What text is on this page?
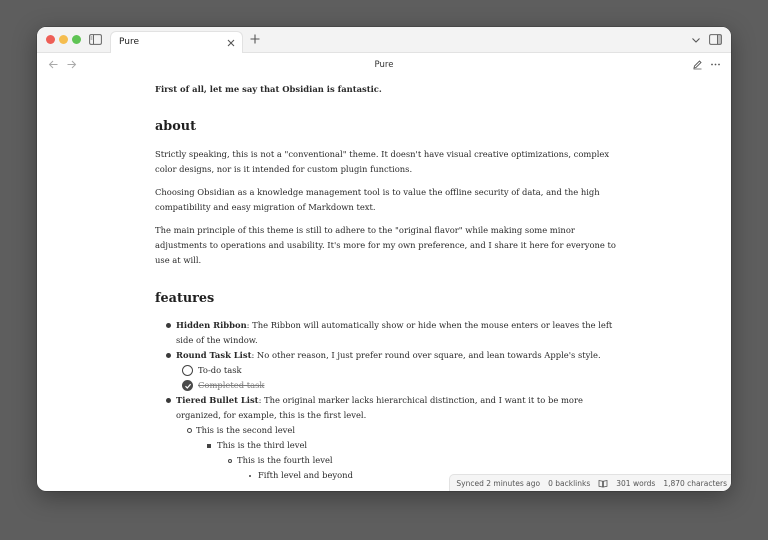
Pure
Pure

First of all, let me say that Obsidian is fantastic.

about

Strictly speaking, this is not a "conventional" theme. It doesn't have visual creative optimizations, complex color designs, nor is it intended for custom plugin functions.

Choosing Obsidian as a knowledge management tool is to value the offline security of data, and the high compatibility and easy migration of Markdown text.

The main principle of this theme is still to adhere to the "original flavor" while making some minor adjustments to operations and usability. It's more for my own preference, and I share it here for everyone to use at will.

features
Hidden Ribbon: The Ribbon will automatically show or hide when the mouse enters or leaves the left side of the window.
Round Task List: No other reason, I just prefer round over square, and lean towards Apple's style.
To-do task
Completed task
Tiered Bullet List: The original marker lacks hierarchical distinction, and I want it to be more organized, for example, this is the first level.
This is the second level
This is the third level
This is the fourth level
Fifth level and beyond
Synced 2 minutes ago 0 backlinks	301 words 1,870 characters
